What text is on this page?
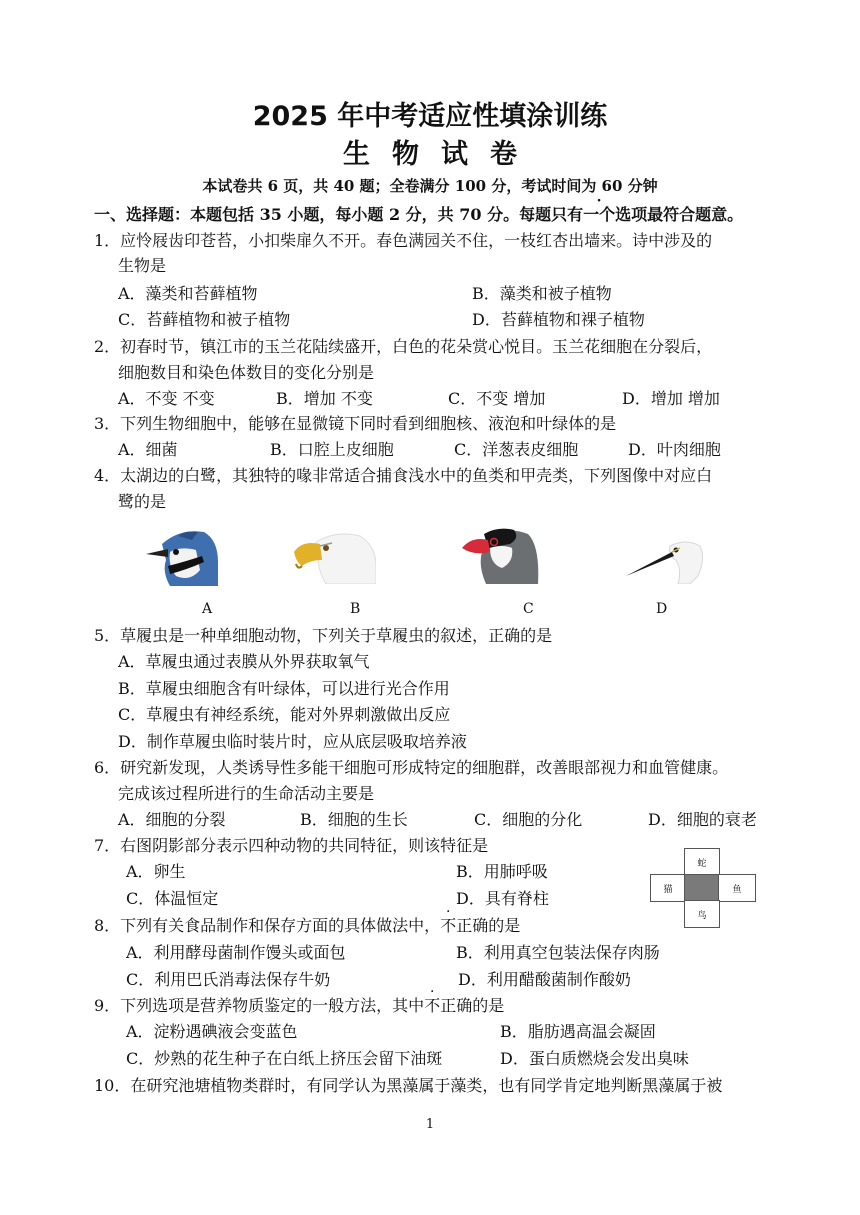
2025 年中考适应性填涂训练
生物试卷
本试卷共 6 页，共 40 题；全卷满分 100 分，考试时间为 60 分钟
一、选择题：本题包括 35 小题，每小题 2 分，共 70 分。每题只有一个选项最符合题意。
1．应怜屐齿印苍苔，小扣柴扉久不开。春色满园关不住，一枝红杏出墙来。诗中涉及的
生物是
A．藻类和苔藓植物	B．藻类和被子植物
C．苔藓植物和被子植物	D．苔藓植物和裸子植物
2．初春时节，镇江市的玉兰花陆续盛开，白色的花朵赏心悦目。玉兰花细胞在分裂后，
细胞数目和染色体数目的变化分别是
A．不变 不变	B．增加 不变	C．不变 增加	D．增加 增加
3．下列生物细胞中，能够在显微镜下同时看到细胞核、液泡和叶绿体的是
A．细菌	B．口腔上皮细胞	C．洋葱表皮细胞	D．叶肉细胞
4．太湖边的白鹭，其独特的喙非常适合捕食浅水中的鱼类和甲壳类，下列图像中对应白
鹭的是
A	B	C	D
5．草履虫是一种单细胞动物，下列关于草履虫的叙述，正确的是
A．草履虫通过表膜从外界获取氧气
B．草履虫细胞含有叶绿体，可以进行光合作用
C．草履虫有神经系统，能对外界刺激做出反应
D．制作草履虫临时装片时，应从底层吸取培养液
6．研究新发现，人类诱导性多能干细胞可形成特定的细胞群，改善眼部视力和血管健康。
完成该过程所进行的生命活动主要是
A．细胞的分裂	B．细胞的生长	C．细胞的分化	D．细胞的衰老
7．右图阴影部分表示四种动物的共同特征，则该特征是
A．卵生	B．用肺呼吸
C．体温恒定	D．具有脊柱
蛇
猫	鱼
鸟
8．下列有关食品制作和保存方面的具体做法中，不正确的是
A．利用酵母菌制作馒头或面包	B．利用真空包装法保存肉肠
C．利用巴氏消毒法保存牛奶	D．利用醋酸菌制作酸奶
9．下列选项是营养物质鉴定的一般方法，其中不正确的是
A．淀粉遇碘液会变蓝色	B．脂肪遇高温会凝固
C．炒熟的花生种子在白纸上挤压会留下油斑	D．蛋白质燃烧会发出臭味
10．在研究池塘植物类群时，有同学认为黑藻属于藻类，也有同学肯定地判断黑藻属于被
1
